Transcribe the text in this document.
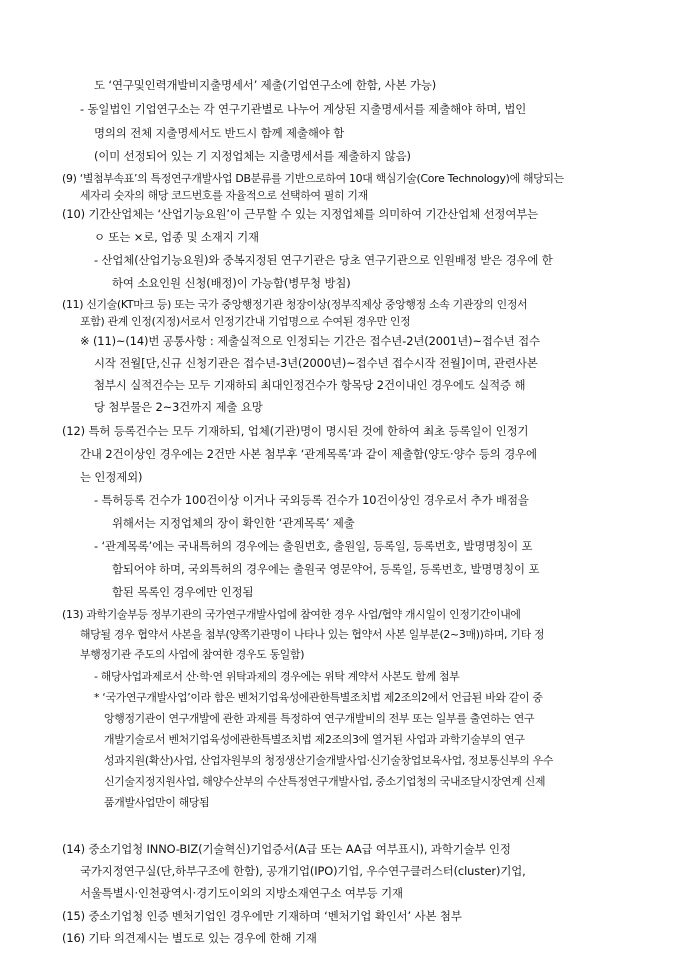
도 ‘연구및인력개발비지출명세서’ 제출(기업연구소에 한함, 사본 가능)
- 동일법인 기업연구소는 각 연구기관별로 나누어 계상된 지출명세서를 제출해야 하며, 법인
명의의 전체 지출명세서도 반드시 함께 제출해야 함
(이미 선정되어 있는 기 지정업체는 지출명세서를 제출하지 않음)
(9) ‘별첨부속표’의 특정연구개발사업 DB분류를 기반으로하여 10대 핵심기술(Core Technology)에 해당되는
세자리 숫자의 해당 코드번호를 자율적으로 선택하여 필히 기재
(10) 기간산업체는 ‘산업기능요원’이 근무할 수 있는 지정업체를 의미하여 기간산업체 선정여부는
ㅇ 또는 ×로, 업종 및 소재지 기재
- 산업체(산업기능요원)와 중복지정된 연구기관은 당초 연구기관으로 인원배정 받은 경우에 한
하여 소요인원 신청(배정)이 가능함(병무청 방침)
(11) 신기술(KT마크 등) 또는 국가 중앙행정기관 청장이상(정부직제상 중앙행정 소속 기관장의 인정서
포함) 관계 인정(지정)서로서 인정기간내 기업명으로 수여된 경우만 인정
※ (11)~(14)번 공통사항 : 제출실적으로 인정되는 기간은 접수년-2년(2001년)~접수년 접수
시작 전월[단,신규 신청기관은 접수년-3년(2000년)~접수년 접수시작 전월]이며, 관련사본
첨부시 실적건수는 모두 기재하되 최대인정건수가 항목당 2건이내인 경우에도 실적증 해
당 첨부물은 2~3건까지 제출 요망
(12) 특허 등록건수는 모두 기재하되, 업체(기관)명이 명시된 것에 한하여 최초 등록일이 인정기
간내 2건이상인 경우에는 2건만 사본 첨부후 ‘관계목록’과 같이 제출함(양도·양수 등의 경우에
는 인정제외)
- 특허등록 건수가 100건이상 이거나 국외등록 건수가 10건이상인 경우로서 추가 배점을
위해서는 지정업체의 장이 확인한 ‘관계목록’ 제출
- ‘관계목록’에는 국내특허의 경우에는 출원번호, 출원일, 등록일, 등록번호, 발명명칭이 포
함되어야 하며, 국외특허의 경우에는 출원국 영문약어, 등록일, 등록번호, 발명명칭이 포
함된 목록인 경우에만 인정됨
(13) 과학기술부등 정부기관의 국가연구개발사업에 참여한 경우 사업/협약 개시일이 인정기간이내에
해당될 경우 협약서 사본을 첨부(양쪽기관명이 나타나 있는 협약서 사본 일부분(2~3매))하며, 기타 정
부행정기관 주도의 사업에 참여한 경우도 동일함)
- 해당사업과제로서 산·학·연 위탁과제의 경우에는 위탁 계약서 사본도 함께 첨부
* ‘국가연구개발사업’이라 함은 벤처기업육성에관한특별조치법 제2조의2에서 언급된 바와 같이 중
앙행정기관이 연구개발에 관한 과제를 특정하여 연구개발비의 전부 또는 일부를 출연하는 연구
개발기술로서 벤처기업육성에관한특별조치법 제2조의3에 열거된 사업과 과학기술부의 연구
성과지원(확산)사업, 산업자원부의 청정생산기술개발사업·신기술창업보육사업, 정보통신부의 우수
신기술지정지원사업, 해양수산부의 수산특정연구개발사업, 중소기업청의 국내조달시장연계 신제
품개발사업만이 해당됨
(14) 중소기업청 INNO-BIZ(기술혁신)기업증서(A급 또는 AA급 여부표시), 과학기술부 인정
국가지정연구실(단,하부구조에 한함), 공개기업(IPO)기업, 우수연구클러스터(cluster)기업,
서울특별시·인천광역시·경기도이외의 지방소재연구소 여부등 기재
(15) 중소기업청 인증 벤처기업인 경우에만 기재하며 ‘벤처기업 확인서’ 사본 첨부
(16) 기타 의견제시는 별도로 있는 경우에 한해 기재
